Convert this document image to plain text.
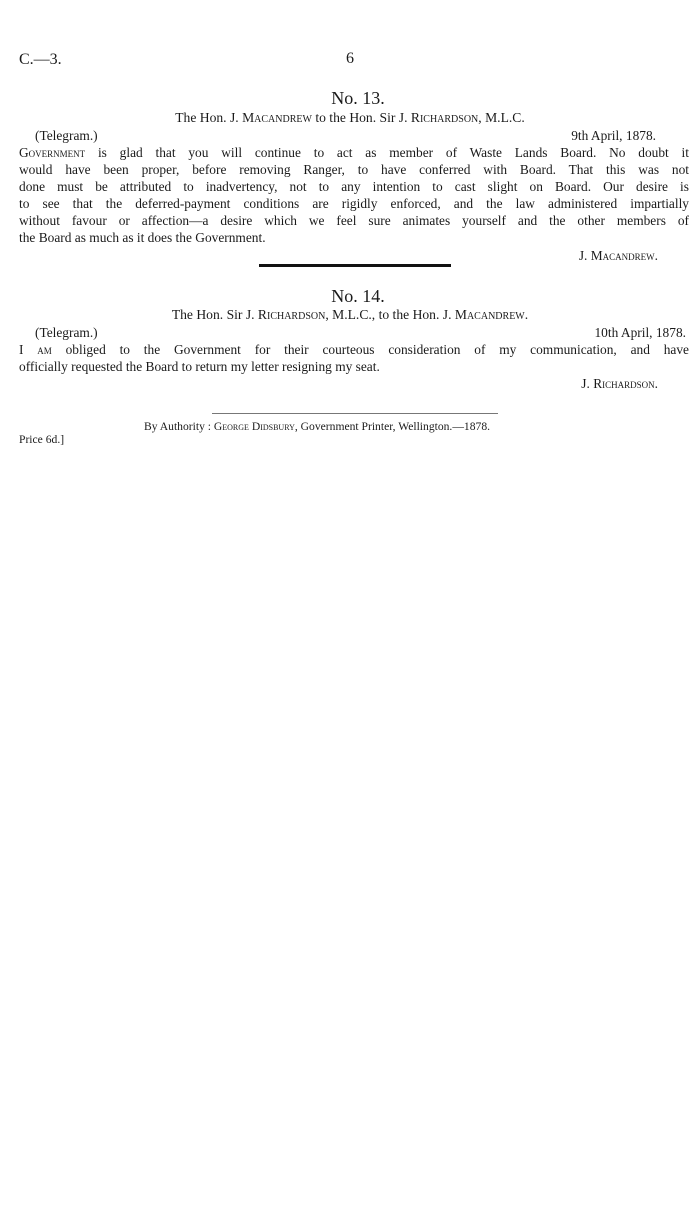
C.—3.	6
No. 13.
The Hon. J. Macandrew to the Hon. Sir J. Richardson, M.L.C.
(Telegram.)	9th April, 1878.
Government is glad that you will continue to act as member of Waste Lands Board. No doubt it
would have been proper, before removing Ranger, to have conferred with Board. That this was not
done must be attributed to inadvertency, not to any intention to cast slight on Board. Our desire is
to see that the deferred-payment conditions are rigidly enforced, and the law administered impartially
without favour or affection—a desire which we feel sure animates yourself and the other members of
the Board as much as it does the Government.
J. Macandrew.
No. 14.
The Hon. Sir J. Richardson, M.L.C., to the Hon. J. Macandrew.
(Telegram.)	10th April, 1878.
I am obliged to the Government for their courteous consideration of my communication, and have
officially requested the Board to return my letter resigning my seat.
J. Richardson.
By Authority : George Didsbury, Government Printer, Wellington.—1878.
Price 6d.]
